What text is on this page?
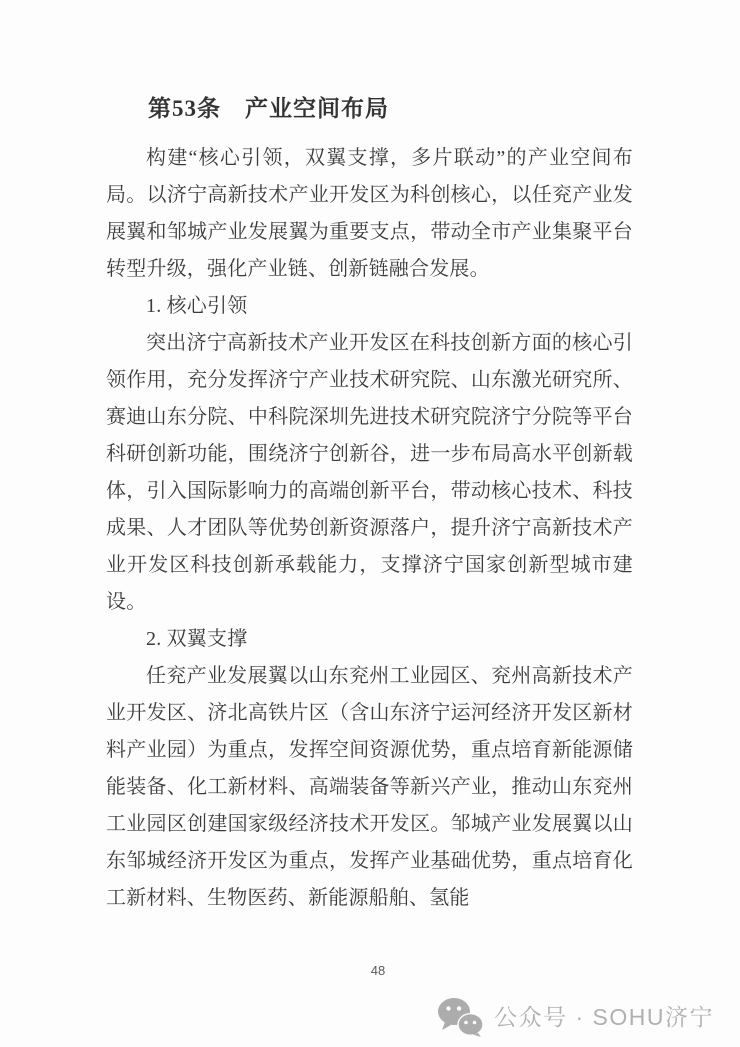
第53条　产业空间布局

构建“核心引领，双翼支撑，多片联动”的产业空间布局。以济宁高新技术产业开发区为科创核心，以任兖产业发展翼和邹城产业发展翼为重要支点，带动全市产业集聚平台转型升级，强化产业链、创新链融合发展。

1. 核心引领

突出济宁高新技术产业开发区在科技创新方面的核心引领作用，充分发挥济宁产业技术研究院、山东激光研究所、赛迪山东分院、中科院深圳先进技术研究院济宁分院等平台科研创新功能，围绕济宁创新谷，进一步布局高水平创新载体，引入国际影响力的高端创新平台，带动核心技术、科技成果、人才团队等优势创新资源落户，提升济宁高新技术产业开发区科技创新承载能力，支撑济宁国家创新型城市建设。

2. 双翼支撑

任兖产业发展翼以山东兖州工业园区、兖州高新技术产业开发区、济北高铁片区（含山东济宁运河经济开发区新材料产业园）为重点，发挥空间资源优势，重点培育新能源储能装备、化工新材料、高端装备等新兴产业，推动山东兖州工业园区创建国家级经济技术开发区。邹城产业发展翼以山东邹城经济开发区为重点，发挥产业基础优势，重点培育化工新材料、生物医药、新能源船舶、氢能

48
公众号 · SOHU济宁
